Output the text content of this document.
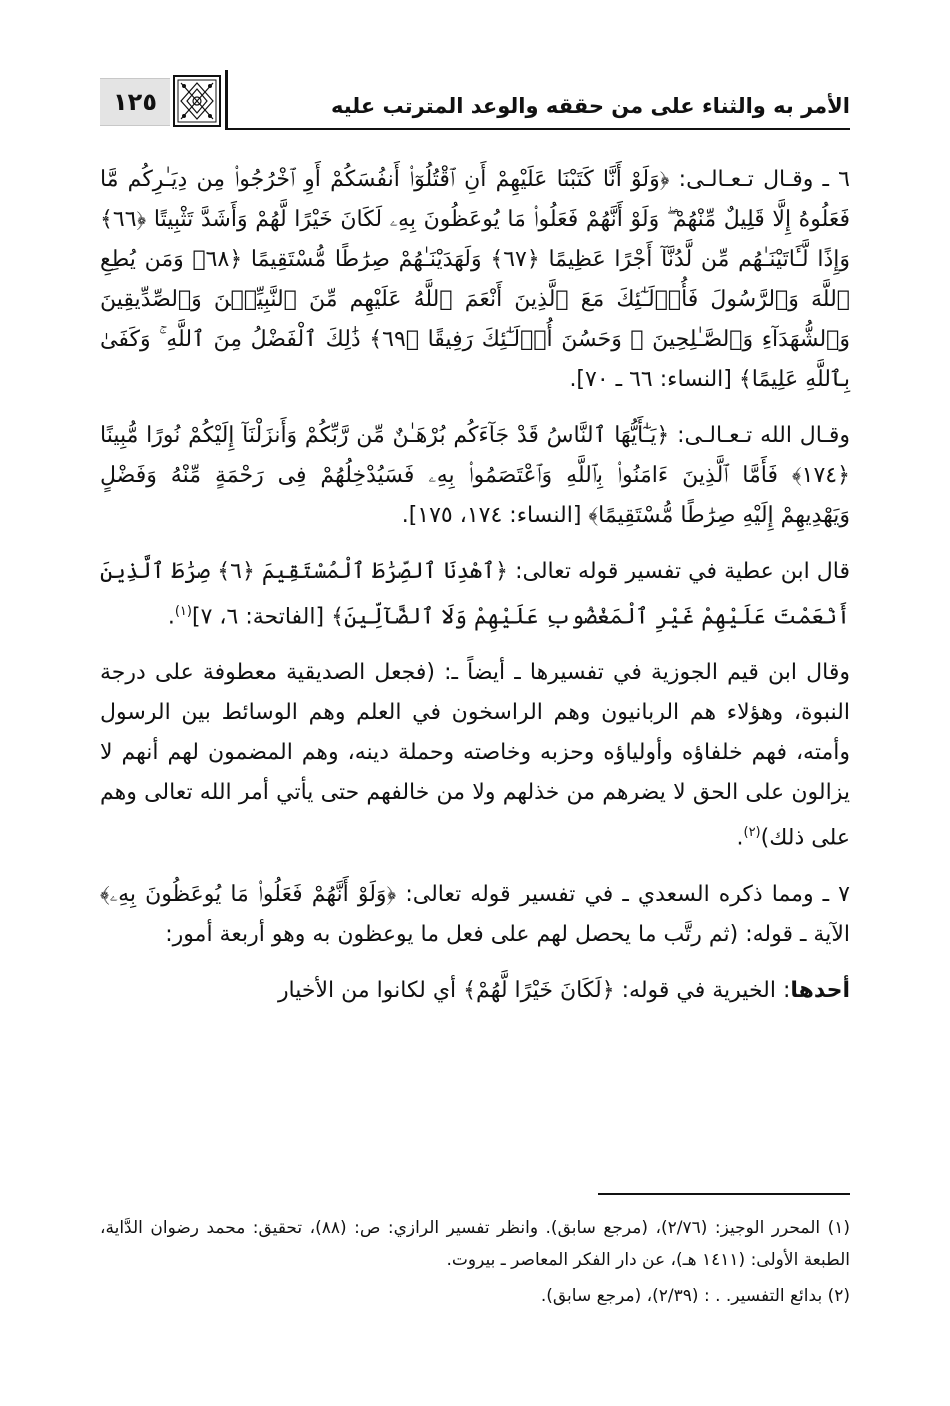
١٢٥	الأمر به والثناء على من حققه والوعد المترتب عليه

٦ ـ وقـال تـعـالـى: ﴿وَلَوْ أَنَّا كَتَبْنَا عَلَيْهِمْ أَنِ ٱقْتُلُوٓا۟ أَنفُسَكُمْ أَوِ ٱخْرُجُوا۟ مِن دِيَـٰرِكُم مَّا فَعَلُوهُ إِلَّا قَلِيلٌ مِّنْهُمْ ۖ وَلَوْ أَنَّهُمْ فَعَلُوا۟ مَا يُوعَظُونَ بِهِۦ لَكَانَ خَيْرًا لَّهُمْ وَأَشَدَّ تَثْبِيتًا ﴿٦٦﴾ وَإِذًا لَّـَٔاتَيْنَـٰهُم مِّن لَّدُنَّآ أَجْرًا عَظِيمًا ﴿٦٧﴾ وَلَهَدَيْنَـٰهُمْ صِرَٰطًا مُّسْتَقِيمًا ﴿٦٨﴾ وَمَن يُطِعِ ٱللَّهَ وَٱلرَّسُولَ فَأُو۟لَـٰٓئِكَ مَعَ ٱلَّذِينَ أَنْعَمَ ٱللَّهُ عَلَيْهِم مِّنَ ٱلنَّبِيِّـۧنَ وَٱلصِّدِّيقِينَ وَٱلشُّهَدَآءِ وَٱلصَّـٰلِحِينَ ۚ وَحَسُنَ أُو۟لَـٰٓئِكَ رَفِيقًا ﴿٦٩﴾ ذَٰلِكَ ٱلْفَضْلُ مِنَ ٱللَّهِ ۚ وَكَفَىٰ بِٱللَّهِ عَلِيمًا﴾ [النساء: ٦٦ ـ ٧٠].

وقـال الله تـعـالـى: ﴿يَـٰٓأَيُّهَا ٱلنَّاسُ قَدْ جَآءَكُم بُرْهَـٰنٌ مِّن رَّبِّكُمْ وَأَنزَلْنَآ إِلَيْكُمْ نُورًا مُّبِينًا ﴿١٧٤﴾ فَأَمَّا ٱلَّذِينَ ءَامَنُوا۟ بِٱللَّهِ وَٱعْتَصَمُوا۟ بِهِۦ فَسَيُدْخِلُهُمْ فِى رَحْمَةٍ مِّنْهُ وَفَضْلٍ وَيَهْدِيهِمْ إِلَيْهِ صِرَٰطًا مُّسْتَقِيمًا﴾ [النساء: ١٧٤، ١٧٥].

قال ابن عطية في تفسير قوله تعالى: ﴿ٱهْدِنَا ٱلصِّرَٰطَ ٱلْمُسْتَقِيمَ ﴿٦﴾ صِرَٰطَ ٱلَّذِينَ أَنْعَمْتَ عَلَيْهِمْ غَيْرِ ٱلْمَغْضُوبِ عَلَيْهِمْ وَلَا ٱلضَّآلِّينَ﴾ [الفاتحة: ٦، ٧]$^{(١)}$.

وقال ابن قيم الجوزية في تفسيرها ـ أيضاً ـ: (فجعل الصديقية معطوفة على درجة النبوة، وهؤلاء هم الربانيون وهم الراسخون في العلم وهم الوسائط بين الرسول وأمته، فهم خلفاؤه وأولياؤه وحزبه وخاصته وحملة دينه، وهم المضمون لهم أنهم لا يزالون على الحق لا يضرهم من خذلهم ولا من خالفهم حتى يأتي أمر الله تعالى وهم على ذلك)$^{(٢)}$.

٧ ـ ومما ذكره السعدي ـ في تفسير قوله تعالى: ﴿وَلَوْ أَنَّهُمْ فَعَلُوا۟ مَا يُوعَظُونَ بِهِۦ﴾ الآية ـ قوله: (ثم رتَّب ما يحصل لهم على فعل ما يوعظون به وهو أربعة أمور:

أحدها: الخيرية في قوله: ﴿لَكَانَ خَيْرًا لَّهُمْ﴾ أي لكانوا من الأخيار

(١) المحرر الوجيز: (٢/٧٦)، (مرجع سابق). وانظر تفسير الرازي: ص: (٨٨)، تحقيق: محمد رضوان الدَّاية، الطبعة الأولى: (١٤١١ هـ)، عن دار الفكر المعاصر ـ بيروت.

(٢) بدائع التفسير. . : (٢/٣٩)، (مرجع سابق).
